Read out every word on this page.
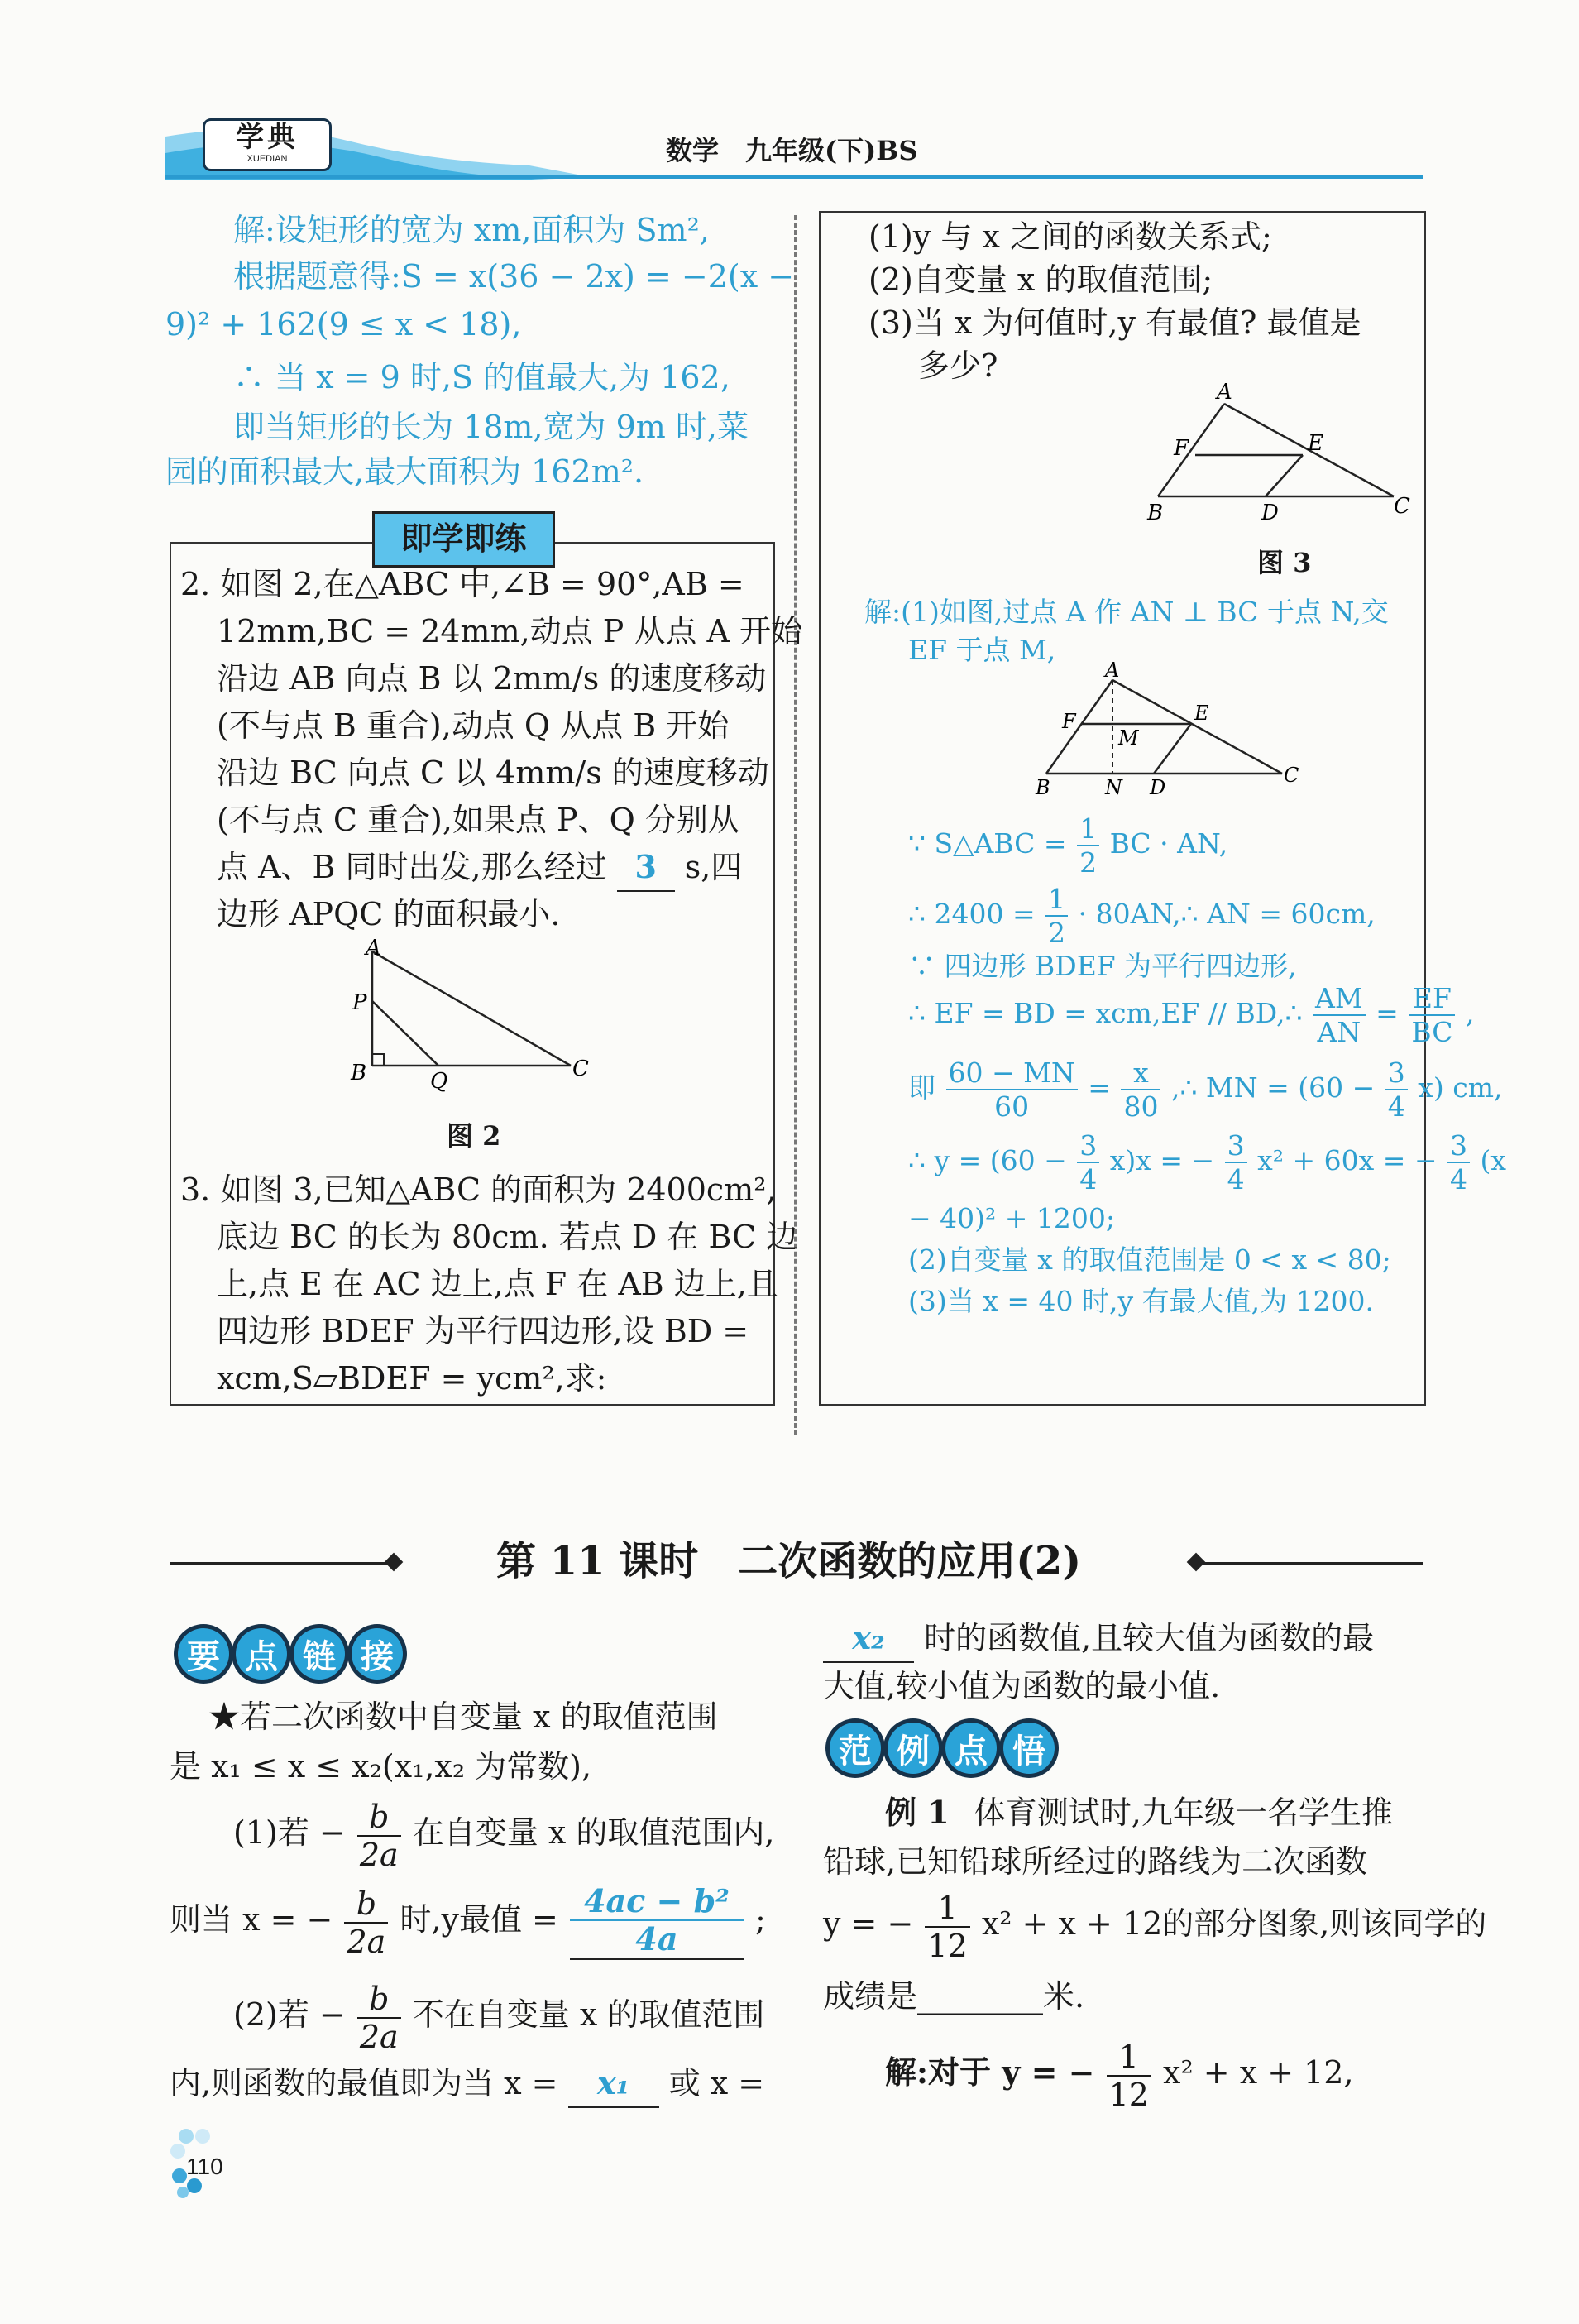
学典
XUEDIAN	数学　九年级(下)BS
解:设矩形的宽为 xm,面积为 Sm²,
根据题意得:S = x(36 − 2x) = −2(x −
9)² + 162(9 ≤ x < 18),
∴ 当 x = 9 时,S 的值最大,为 162,
即当矩形的长为 18m,宽为 9m 时,菜
园的面积最大,最大面积为 162m².
即学即练
2. 如图 2,在△ABC 中,∠B = 90°,AB =
12mm,BC = 24mm,动点 P 从点 A 开始
沿边 AB 向点 B 以 2mm/s 的速度移动
(不与点 B 重合),动点 Q 从点 B 开始
沿边 BC 向点 C 以 4mm/s 的速度移动
(不与点 C 重合),如果点 P、Q 分别从
点 A、B 同时出发,那么经过 3 s,四
边形 APQC 的面积最小.
A
P
B	Q	C
图 2
3. 如图 3,已知△ABC 的面积为 2400cm²,
底边 BC 的长为 80cm. 若点 D 在 BC 边
上,点 E 在 AC 边上,点 F 在 AB 边上,且
四边形 BDEF 为平行四边形,设 BD =
xcm,S▱BDEF = ycm²,求:
(1)y 与 x 之间的函数关系式;
(2)自变量 x 的取值范围;
(3)当 x 为何值时,y 有最值? 最值是
多少?
A
F	E
B	D	C
图 3
解:(1)如图,过点 A 作 AN ⊥ BC 于点 N,交
EF 于点 M,
A
F
M
E
B	N D
C
∵ S△ABC = $\frac{1}{2}$ BC · AN,
∴ $2400 = \frac{1}{2}$ · 80AN,∴ AN = 60cm,
∵ 四边形 BDEF 为平行四边形,
∴ EF = BD = xcm,EF // BD,∴ $\frac{AM}{AN} = \frac{EF}{BC}$ ,
即 $\frac{60 - MN}{60} = \frac{x}{80}$ ,∴ MN = $(60 - \frac{3}{4} x)$ cm,
∴ $y = (60 - \frac{3}{4} x)x$ = − $\frac{3}{4} x^2 + 60x$ = − $\frac{3}{4} (x$
− 40)² + 1200;
(2)自变量 x 的取值范围是 0 < x < 80;
(3)当 x = 40 时,y 有最大值,为 1200.
第 11 课时　二次函数的应用(2)
要 点 链 接
★若二次函数中自变量 x 的取值范围
是 x₁ ≤ x ≤ x₂(x₁,x₂ 为常数),
(1)若 − $\frac{b}{2a}$ 在自变量 x 的取值范围内,
则当 x = − $\frac{b}{2a}$ 时,y最值 = $\frac{\text{4ac − b²}}{4a}$ ;
(2)若 − $\frac{b}{2a}$ 不在自变量 x 的取值范围
内,则函数的最值即为当 x = x₁ 或 x =
x₂ 时的函数值,且较大值为函数的最
大值,较小值为函数的最小值.
范 例 点 悟
例 1 体育测试时,九年级一名学生推
铅球,已知铅球所经过的路线为二次函数
y = − $\frac{1}{12} x^2 + x + 12$的部分图象,则该同学的
成绩是________米.
解:对于 y = − $\frac{1}{12} x^2 + x + 12$,
110
